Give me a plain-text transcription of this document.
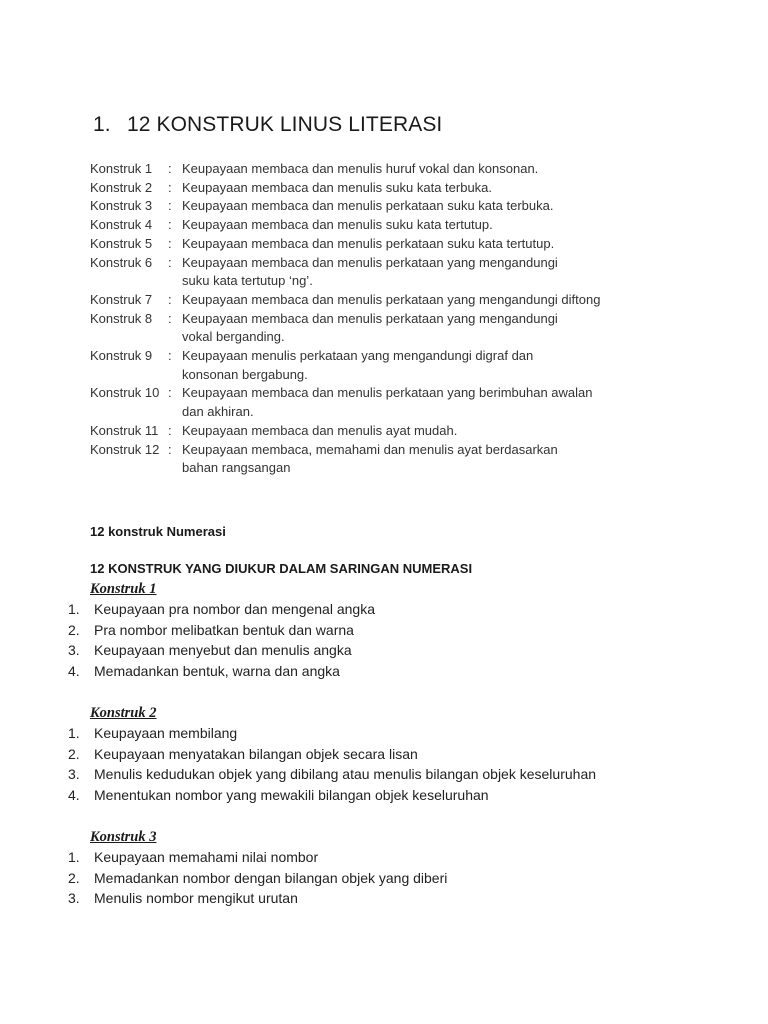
1. 12 KONSTRUK LINUS LITERASI
Konstruk 1	: Keupayaan membaca dan menulis huruf vokal dan konsonan.
Konstruk 2	: Keupayaan membaca dan menulis suku kata terbuka.
Konstruk 3	: Keupayaan membaca dan menulis perkataan suku kata terbuka.
Konstruk 4	: Keupayaan membaca dan menulis suku kata tertutup.
Konstruk 5	: Keupayaan membaca dan menulis perkataan suku kata tertutup.
Konstruk 6	: Keupayaan membaca dan menulis perkataan yang mengandungi
suku kata tertutup ‘ng’.
Konstruk 7	: Keupayaan membaca dan menulis perkataan yang mengandungi diftong
Konstruk 8	: Keupayaan membaca dan menulis perkataan yang mengandungi
vokal berganding.
Konstruk 9	: Keupayaan menulis perkataan yang mengandungi digraf dan
konsonan bergabung.
Konstruk 10 : Keupayaan membaca dan menulis perkataan yang berimbuhan awalan
dan akhiran.
Konstruk 11 : Keupayaan membaca dan menulis ayat mudah.
Konstruk 12 : Keupayaan membaca, memahami dan menulis ayat berdasarkan
bahan rangsangan
12 konstruk Numerasi
12 KONSTRUK YANG DIUKUR DALAM SARINGAN NUMERASI
Konstruk 1
1.	Keupayaan pra nombor dan mengenal angka
2.	Pra nombor melibatkan bentuk dan warna
3.	Keupayaan menyebut dan menulis angka
4.	Memadankan bentuk, warna dan angka
Konstruk 2
1.	Keupayaan membilang
2.	Keupayaan menyatakan bilangan objek secara lisan
3.	Menulis kedudukan objek yang dibilang atau menulis bilangan objek keseluruhan
4.	Menentukan nombor yang mewakili bilangan objek keseluruhan
Konstruk 3
1.	Keupayaan memahami nilai nombor
2.	Memadankan nombor dengan bilangan objek yang diberi
3.	Menulis nombor mengikut urutan
